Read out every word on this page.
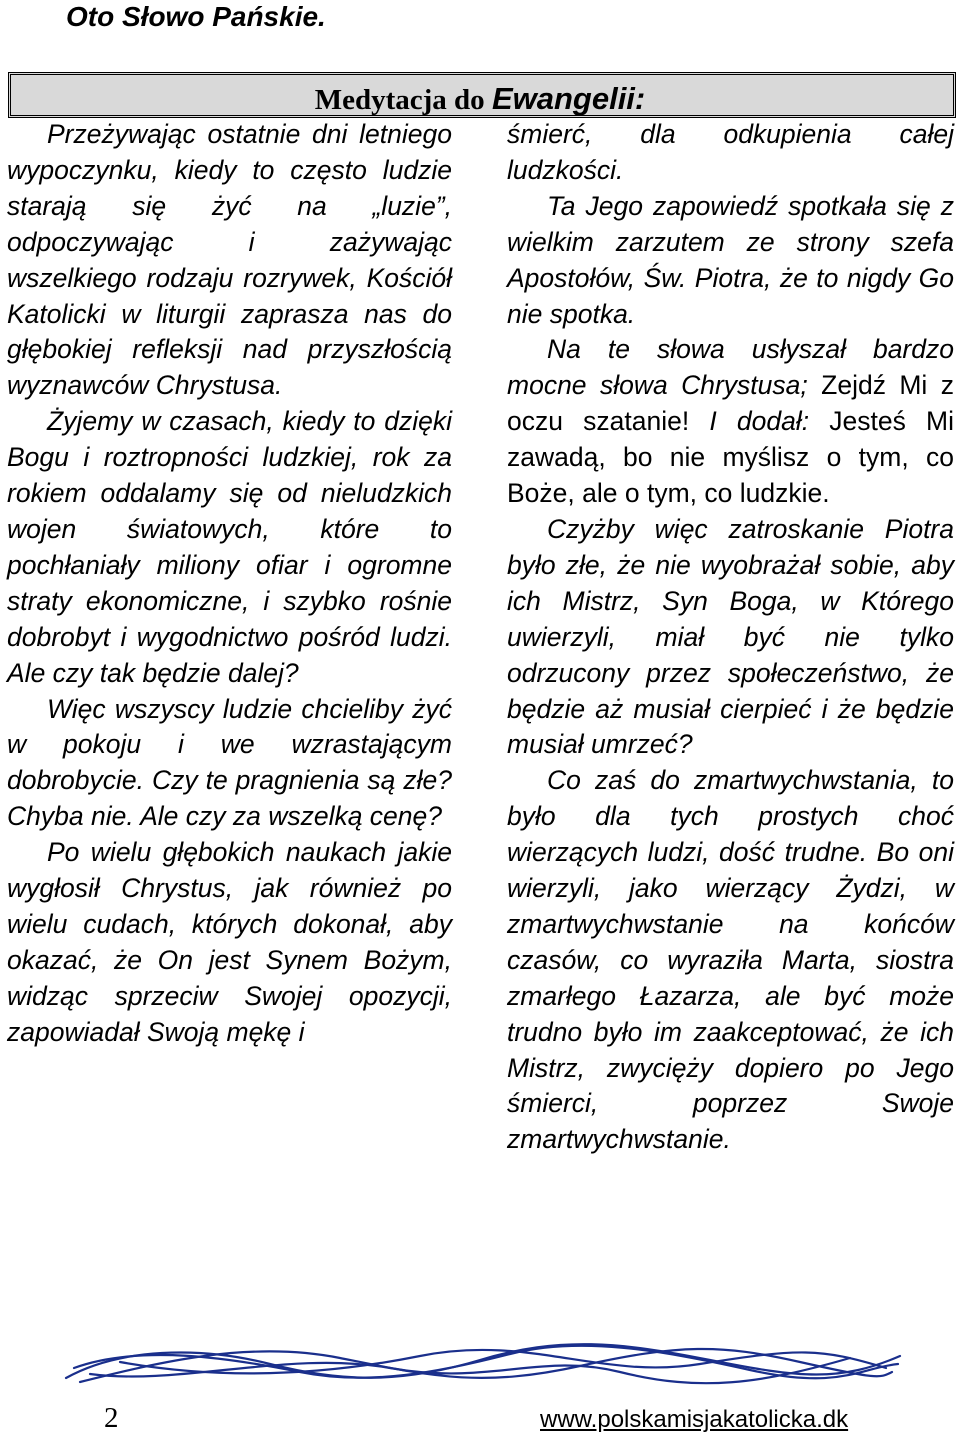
Oto Słowo Pańskie.
Medytacja do Ewangelii:

Przeżywając ostatnie dni letniego wypoczynku, kiedy to często ludzie starają się żyć na „luzie”, odpoczywając i zażywając wszelkiego rodzaju rozrywek, Kościół Katolicki w liturgii zaprasza nas do głębokiej refleksji nad przyszłością wyznawców Chrystusa.

Żyjemy w czasach, kiedy to dzięki Bogu i roztropności ludzkiej, rok za rokiem oddalamy się od nieludzkich wojen światowych, które to pochłaniały miliony ofiar i ogromne straty ekonomiczne, i szybko rośnie dobrobyt i wygodnictwo pośród ludzi. Ale czy tak będzie dalej?

Więc wszyscy ludzie chcieliby żyć w pokoju i we wzrastającym dobrobycie. Czy te pragnienia są złe? Chyba nie. Ale czy za wszelką cenę?

Po wielu głębokich naukach jakie wygłosił Chrystus, jak również po wielu cudach, których dokonał, aby okazać, że On jest Synem Bożym, widząc sprzeciw Swojej opozycji, zapowiadał Swoją mękę i

śmierć, dla odkupienia całej ludzkości.

Ta Jego zapowiedź spotkała się z wielkim zarzutem ze strony szefa Apostołów, Św. Piotra, że to nigdy Go nie spotka.

Na te słowa usłyszał bardzo mocne słowa Chrystusa; Zejdź Mi z oczu szatanie! I dodał: Jesteś Mi zawadą, bo nie myślisz o tym, co Boże, ale o tym, co ludzkie.

Czyżby więc zatroskanie Piotra było złe, że nie wyobrażał sobie, aby ich Mistrz, Syn Boga, w Którego uwierzyli, miał być nie tylko odrzucony przez społeczeństwo, że będzie aż musiał cierpieć i że będzie musiał umrzeć?

Co zaś do zmartwychwstania, to było dla tych prostych choć wierzących ludzi, dość trudne. Bo oni wierzyli, jako wierzący Żydzi, w zmartwychwstanie na końców czasów, co wyraziła Marta, siostra zmarłego Łazarza, ale być może trudno było im zaakceptować, że ich Mistrz, zwycięży dopiero po Jego śmierci, poprzez Swoje zmartwychwstanie.

2	www.polskamisjakatolicka.dk
